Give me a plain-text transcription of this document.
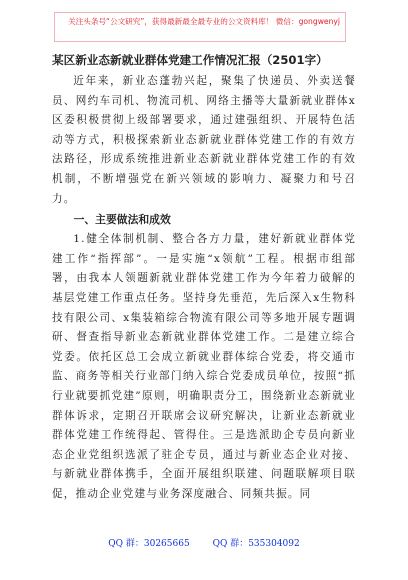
关注头条号“公文研究”，获得最新最全最专业的公文资料库！ 微信：gongwenyj
某区新业态新就业群体党建工作情况汇报（2501字）

近年来，新业态蓬勃兴起，聚集了快递员、外卖送餐员、网约车司机、物流司机、网络主播等大量新就业群体x区委积极贯彻上级部署要求，通过建强组织、开展特色活动等方式，积极探索新业态新就业群体党建工作的有效方法路径，形成系统推进新业态新就业群体党建工作的有效机制，不断增强党在新兴领域的影响力、凝聚力和号召力。

一、主要做法和成效

1.健全体制机制、整合各方力量，建好新就业群体党建工作“指挥部”。一是实施“x领航”工程。根据市组部署，由我本人领题新就业群体党建工作为今年着力破解的基层党建工作重点任务。坚持身先垂范，先后深入x生物科技有限公司、x集装箱综合物流有限公司等多地开展专题调研、督查指导新业态新就业群体党建工作。二是建立综合党委。依托区总工会成立新就业群体综合党委，将交通市监、商务等相关行业部门纳入综合党委成员单位，按照“抓行业就要抓党建”原则，明确职责分工，围绕新业态新就业群体诉求，定期召开联席会议研究解决，让新业态新就业群体党建工作统得起、管得住。三是选派助企专员向新业态企业党组织选派了驻企专员，通过与新业态企业对接、与新就业群体携手，全面开展组织联建、问题联解项目联促，推动企业党建与业务深度融合、同频共振。同

QQ 群：30265665	QQ 群：535304092
